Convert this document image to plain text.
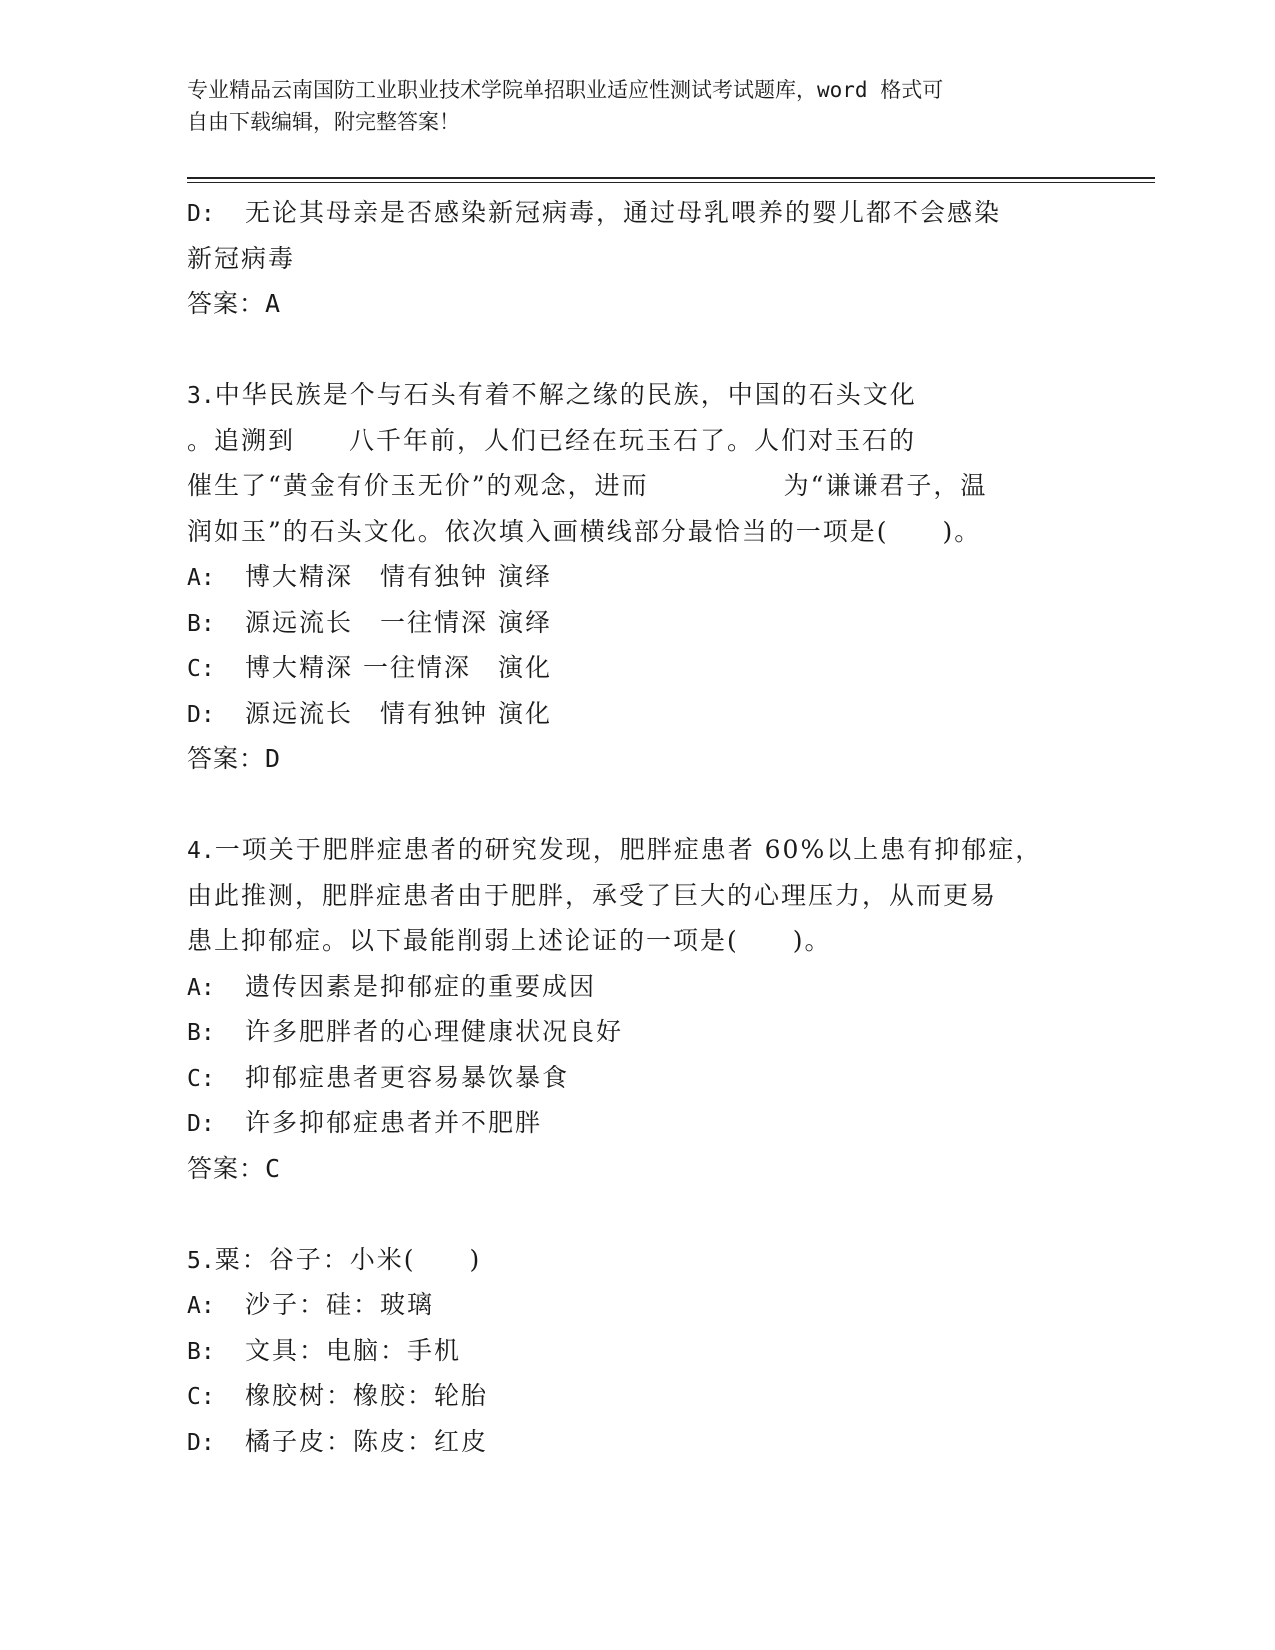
专业精品云南国防工业职业技术学院单招职业适应性测试考试题库，word 格式可
自由下载编辑，附完整答案！
D: 无论其母亲是否感染新冠病毒，通过母乳喂养的婴儿都不会感染
新冠病毒
答案：A
3.中华民族是个与石头有着不解之缘的民族，中国的石头文化
。追溯到　　八千年前，人们已经在玩玉石了。人们对玉石的
催生了“黄金有价玉无价”的观念，进而　　　　　为“谦谦君子，温
润如玉”的石头文化。依次填入画横线部分最恰当的一项是(　　)。
A: 博大精深　情有独钟 演绎
B: 源远流长　一往情深 演绎
C: 博大精深 一往情深　演化
D: 源远流长　情有独钟 演化
答案：D
4.一项关于肥胖症患者的研究发现，肥胖症患者 60%以上患有抑郁症，
由此推测，肥胖症患者由于肥胖，承受了巨大的心理压力，从而更易
患上抑郁症。以下最能削弱上述论证的一项是(　　)。
A: 遗传因素是抑郁症的重要成因
B: 许多肥胖者的心理健康状况良好
C: 抑郁症患者更容易暴饮暴食
D: 许多抑郁症患者并不肥胖
答案：C
5.粟：谷子：小米(　　)
A: 沙子：硅：玻璃
B: 文具：电脑：手机
C: 橡胶树：橡胶：轮胎
D: 橘子皮：陈皮：红皮
